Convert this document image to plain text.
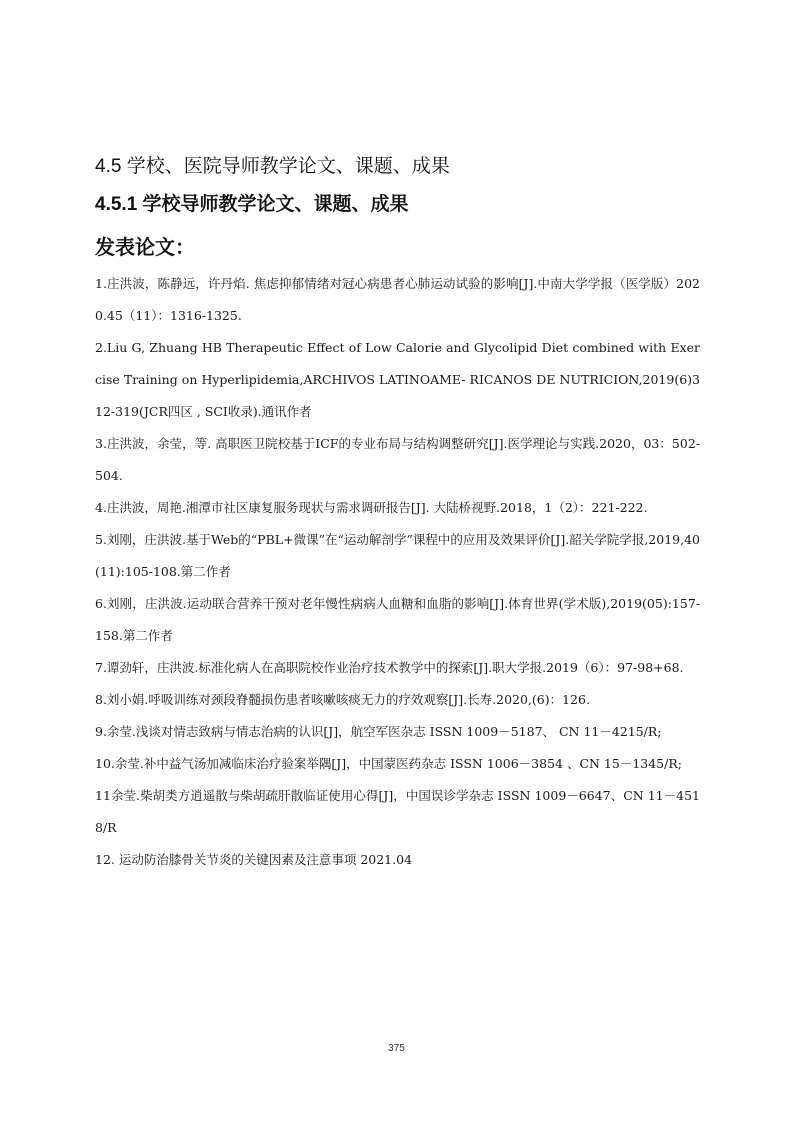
4.5 学校、医院导师教学论文、课题、成果
4.5.1 学校导师教学论文、课题、成果
发表论文：

1.庄洪波，陈静远，许丹焰. 焦虑抑郁情绪对冠心病患者心肺运动试验的影响[J].中南大学学报（医学版）2020.45（11）：1316-1325.

2.Liu G, Zhuang HB Therapeutic Effect of Low Calorie and Glycolipid Diet combined with Exercise Training on Hyperlipidemia,ARCHIVOS LATINOAME- RICANOS DE NUTRICION,2019(6)312-319(JCR四区 , SCI收录).通讯作者

3.庄洪波，余莹，等. 高职医卫院校基于ICF的专业布局与结构调整研究[J].医学理论与实践.2020，03：502-504.

4.庄洪波，周艳.湘潭市社区康复服务现状与需求调研报告[J]. 大陆桥视野.2018，1（2）：221-222.

5.刘刚，庄洪波.基于Web的“PBL+微课”在“运动解剖学”课程中的应用及效果评价[J].韶关学院学报,2019,40(11):105-108.第二作者

6.刘刚，庄洪波.运动联合营养干预对老年慢性病病人血糖和血脂的影响[J].体育世界(学术版),2019(05):157-158.第二作者

7.谭劲轩，庄洪波.标准化病人在高职院校作业治疗技术教学中的探索[J].职大学报.2019（6）：97-98+68.

8.刘小娟.呼吸训练对颈段脊髓损伤患者咳嗽咳痰无力的疗效观察[J].长寿.2020,(6)：126.

9.余莹.浅谈对情志致病与情志治病的认识[J]，航空军医杂志 ISSN 1009－5187、 CN 11－4215/R;

10.余莹.补中益气汤加减临床治疗验案举隅[J]，中国蒙医药杂志 ISSN 1006－3854 、CN 15－1345/R;

11余莹.柴胡类方逍遥散与柴胡疏肝散临证使用心得[J]，中国误诊学杂志 ISSN 1009－6647、CN 11－4518/R

12. 运动防治膝骨关节炎的关键因素及注意事项 2021.04

375
